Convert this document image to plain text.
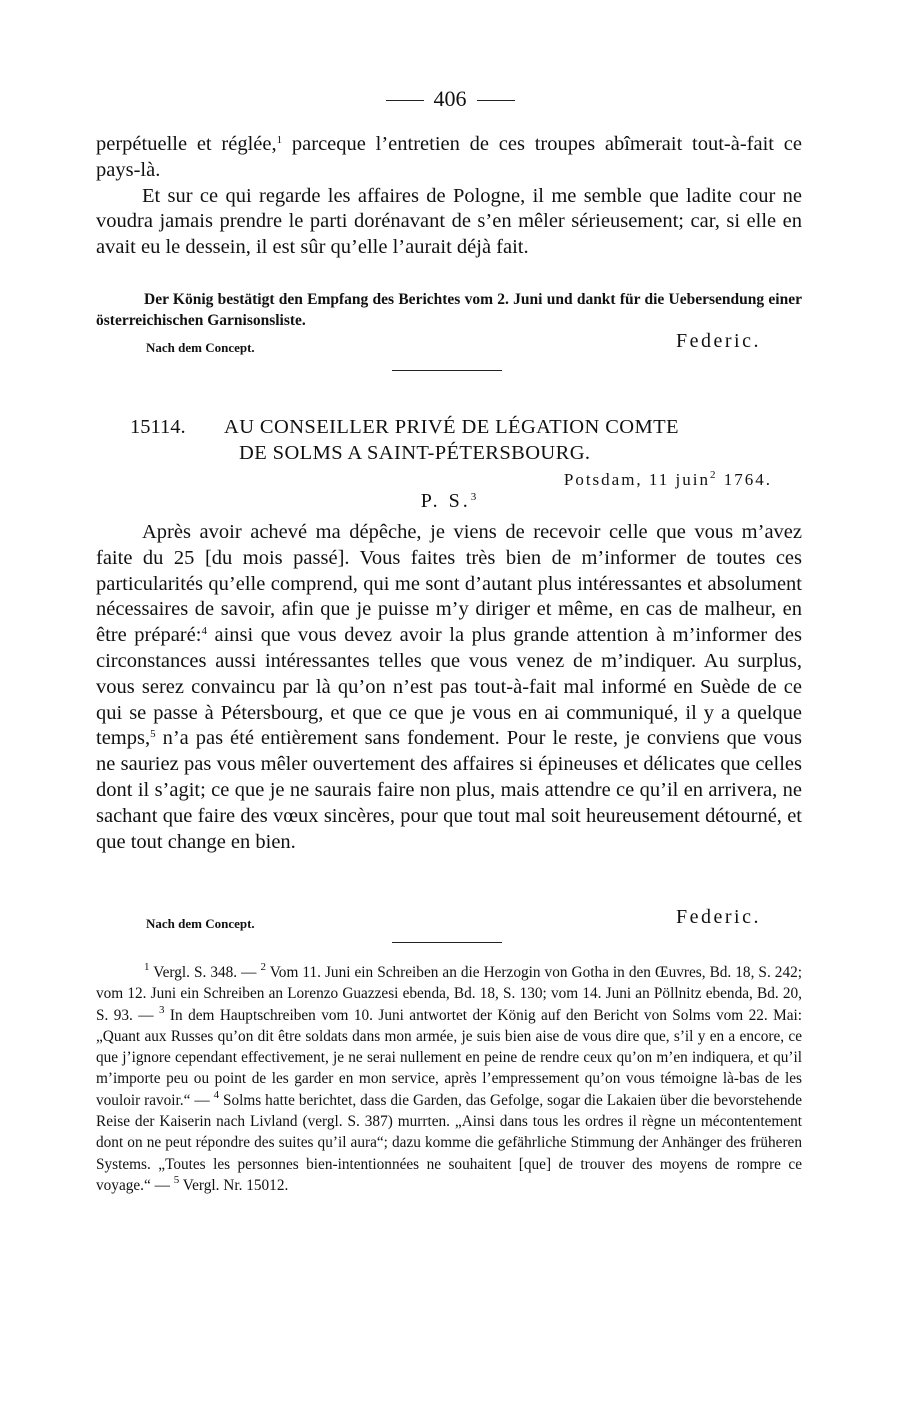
406

perpétuelle et réglée,$^1$ parceque l’entretien de ces troupes abîmerait tout-à-fait ce pays-là.

Et sur ce qui regarde les affaires de Pologne, il me semble que ladite cour ne voudra jamais prendre le parti dorénavant de s’en mêler sérieusement; car, si elle en avait eu le dessein, il est sûr qu’elle l’aurait déjà fait.

Der König bestätigt den Empfang des Berichtes vom 2. Juni und dankt für die Uebersendung einer österreichischen Garnisonsliste.

Nach dem Concept.	Federic.
15114. AU CONSEILLER PRIVÉ DE LÉGATION COMTE
DE SOLMS A SAINT-PÉTERSBOURG.
Potsdam, 11 juin$^2$ 1764.
P. S.$^3$

Après avoir achevé ma dépêche, je viens de recevoir celle que vous m’avez faite du 25 [du mois passé]. Vous faites très bien de m’informer de toutes ces particularités qu’elle comprend, qui me sont d’autant plus intéressantes et absolument nécessaires de savoir, afin que je puisse m’y diriger et même, en cas de malheur, en être préparé:$^4$ ainsi que vous devez avoir la plus grande attention à m’informer des circonstances aussi intéressantes telles que vous venez de m’indiquer. Au surplus, vous serez convaincu par là qu’on n’est pas tout-à-fait mal informé en Suède de ce qui se passe à Pétersbourg, et que ce que je vous en ai communiqué, il y a quelque temps,$^5$ n’a pas été entièrement sans fondement. Pour le reste, je conviens que vous ne sauriez pas vous mêler ouvertement des affaires si épineuses et délicates que celles dont il s’agit; ce que je ne saurais faire non plus, mais attendre ce qu’il en arrivera, ne sachant que faire des vœux sincères, pour que tout mal soit heureusement détourné, et que tout change en bien.

Nach dem Concept.	Federic.

$^1$ Vergl. S. 348. — $^2$ Vom 11. Juni ein Schreiben an die Herzogin von Gotha in den Œuvres, Bd. 18, S. 242; vom 12. Juni ein Schreiben an Lorenzo Guazzesi ebenda, Bd. 18, S. 130; vom 14. Juni an Pöllnitz ebenda, Bd. 20, S. 93. — $^3$ In dem Hauptschreiben vom 10. Juni antwortet der König auf den Bericht von Solms vom 22. Mai: „Quant aux Russes qu’on dit être soldats dans mon armée, je suis bien aise de vous dire que, s’il y en a encore, ce que j’ignore cependant effectivement, je ne serai nullement en peine de rendre ceux qu’on m’en indiquera, et qu’il m’importe peu ou point de les garder en mon service, après l’empressement qu’on vous témoigne là-bas de les vouloir ravoir.“ — $^4$ Solms hatte berichtet, dass die Garden, das Gefolge, sogar die Lakaien über die bevorstehende Reise der Kaiserin nach Livland (vergl. S. 387) murrten. „Ainsi dans tous les ordres il règne un mécontentement dont on ne peut répondre des suites qu’il aura“; dazu komme die gefährliche Stimmung der Anhänger des früheren Systems. „Toutes les personnes bien-intentionnées ne souhaitent [que] de trouver des moyens de rompre ce voyage.“ — $^5$ Vergl. Nr. 15012.
